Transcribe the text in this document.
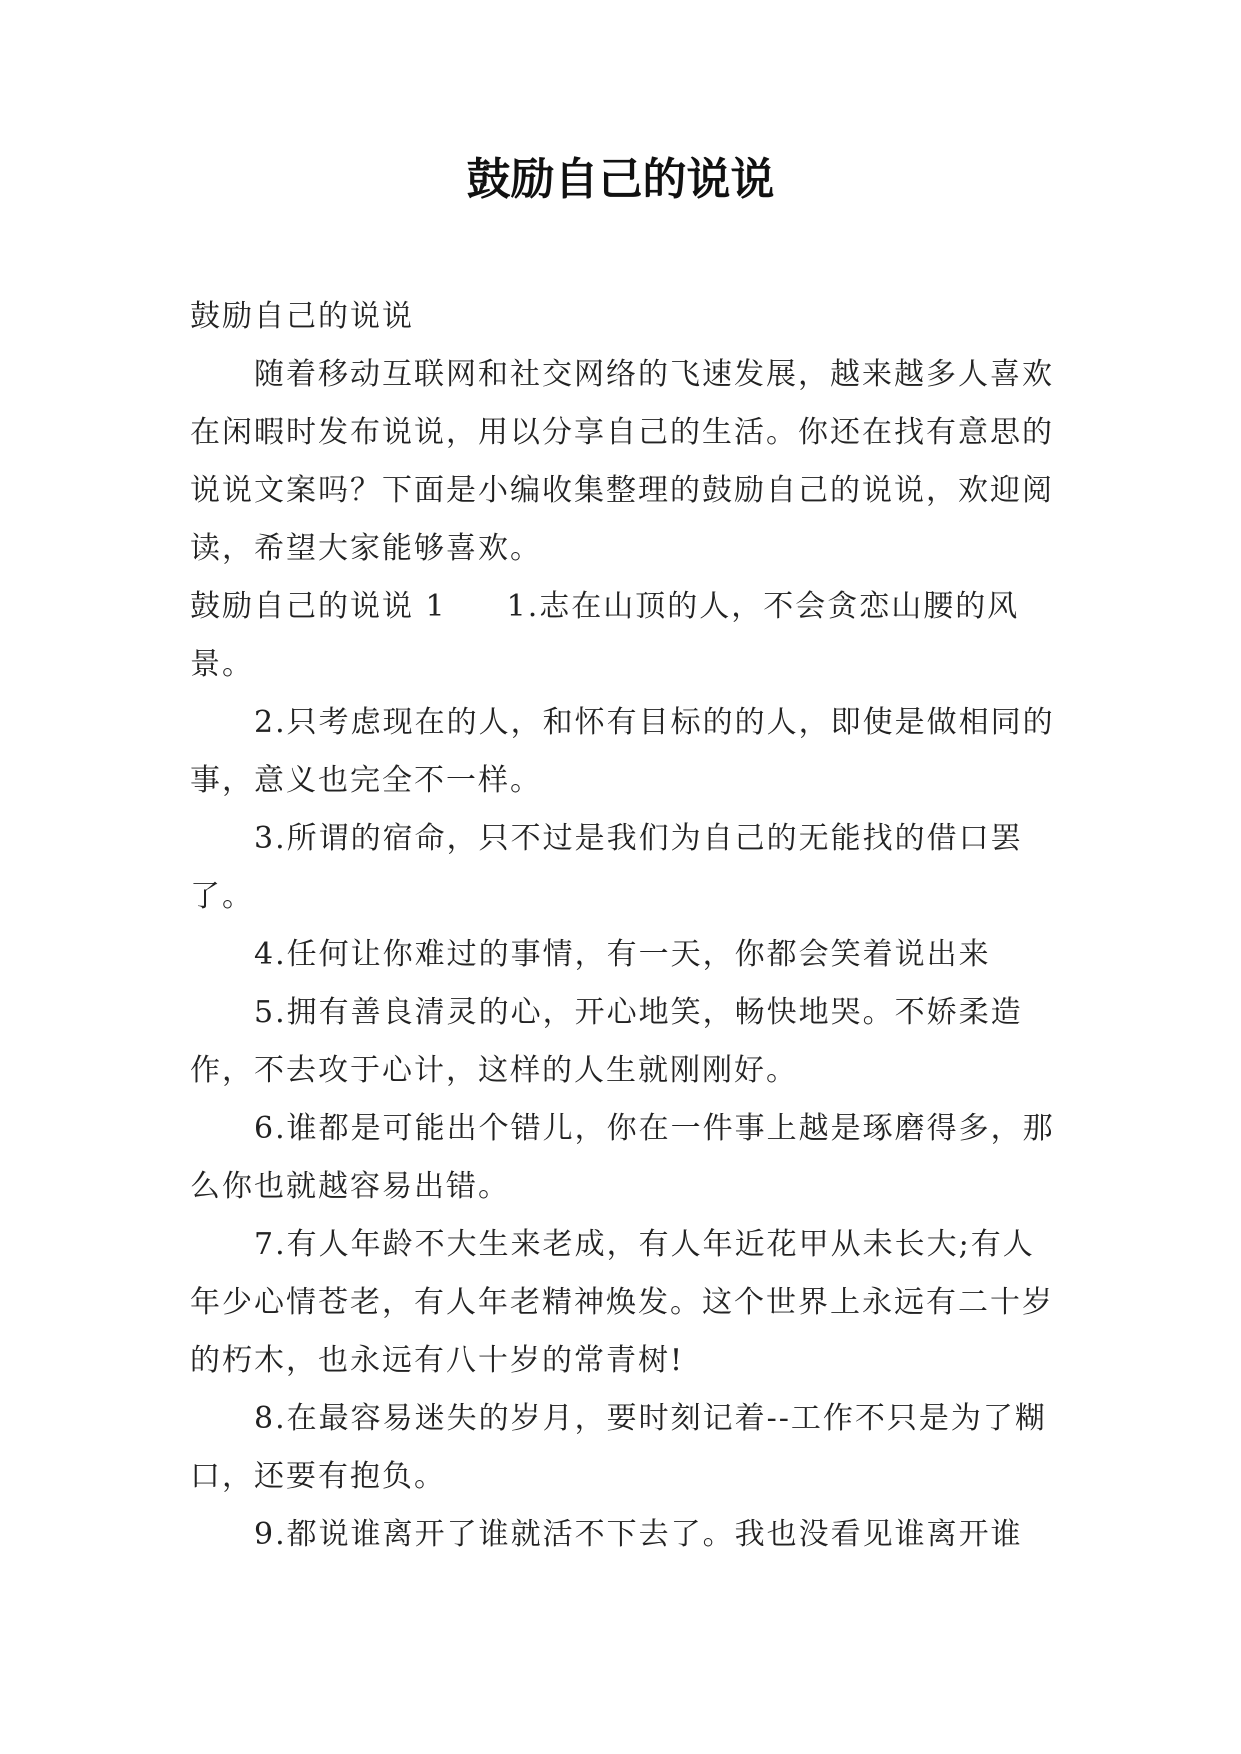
鼓励自己的说说

鼓励自己的说说

随着移动互联网和社交网络的飞速发展，越来越多人喜欢在闲暇时发布说说，用以分享自己的生活。你还在找有意思的说说文案吗？下面是小编收集整理的鼓励自己的说说，欢迎阅读，希望大家能够喜欢。

鼓励自己的说说 1 1.志在山顶的人，不会贪恋山腰的风景。

2.只考虑现在的人，和怀有目标的的人，即使是做相同的事，意义也完全不一样。

3.所谓的宿命，只不过是我们为自己的无能找的借口罢了。

4.任何让你难过的事情，有一天，你都会笑着说出来

5.拥有善良清灵的心，开心地笑，畅快地哭。不娇柔造作，不去攻于心计，这样的人生就刚刚好。

6.谁都是可能出个错儿，你在一件事上越是琢磨得多，那么你也就越容易出错。

7.有人年龄不大生来老成，有人年近花甲从未长大;有人年少心情苍老，有人年老精神焕发。这个世界上永远有二十岁的朽木，也永远有八十岁的常青树!

8.在最容易迷失的岁月，要时刻记着--工作不只是为了糊口，还要有抱负。

9.都说谁离开了谁就活不下去了。我也没看见谁离开谁
